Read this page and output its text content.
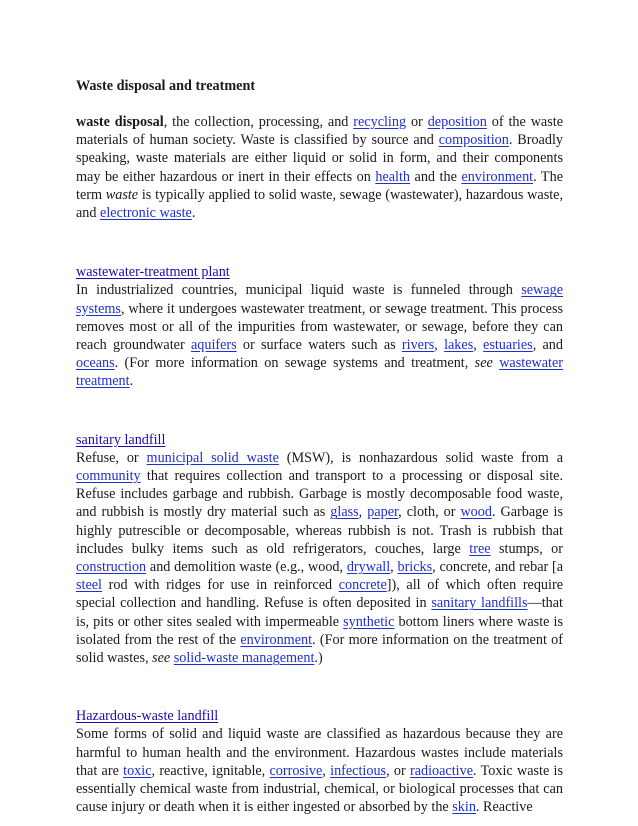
Waste disposal and treatment

waste disposal, the collection, processing, and recycling or deposition of the waste materials of human society. Waste is classified by source and composition. Broadly speaking, waste materials are either liquid or solid in form, and their components may be either hazardous or inert in their effects on health and the environment. The term waste is typically applied to solid waste, sewage (wastewater), hazardous waste, and electronic waste.

wastewater-treatment plant

In industrialized countries, municipal liquid waste is funneled through sewage systems, where it undergoes wastewater treatment, or sewage treatment. This process removes most or all of the impurities from wastewater, or sewage, before they can reach groundwater aquifers or surface waters such as rivers, lakes, estuaries, and oceans. (For more information on sewage systems and treatment, see wastewater treatment.

sanitary landfill

Refuse, or municipal solid waste (MSW), is nonhazardous solid waste from a community that requires collection and transport to a processing or disposal site. Refuse includes garbage and rubbish. Garbage is mostly decomposable food waste, and rubbish is mostly dry material such as glass, paper, cloth, or wood. Garbage is highly putrescible or decomposable, whereas rubbish is not. Trash is rubbish that includes bulky items such as old refrigerators, couches, large tree stumps, or construction and demolition waste (e.g., wood, drywall, bricks, concrete, and rebar [a steel rod with ridges for use in reinforced concrete]), all of which often require special collection and handling. Refuse is often deposited in sanitary landfills—that is, pits or other sites sealed with impermeable synthetic bottom liners where waste is isolated from the rest of the environment. (For more information on the treatment of solid wastes, see solid-waste management.)

Hazardous-waste landfill

Some forms of solid and liquid waste are classified as hazardous because they are harmful to human health and the environment. Hazardous wastes include materials that are toxic, reactive, ignitable, corrosive, infectious, or radioactive. Toxic waste is essentially chemical waste from industrial, chemical, or biological processes that can cause injury or death when it is either ingested or absorbed by the skin. Reactive
